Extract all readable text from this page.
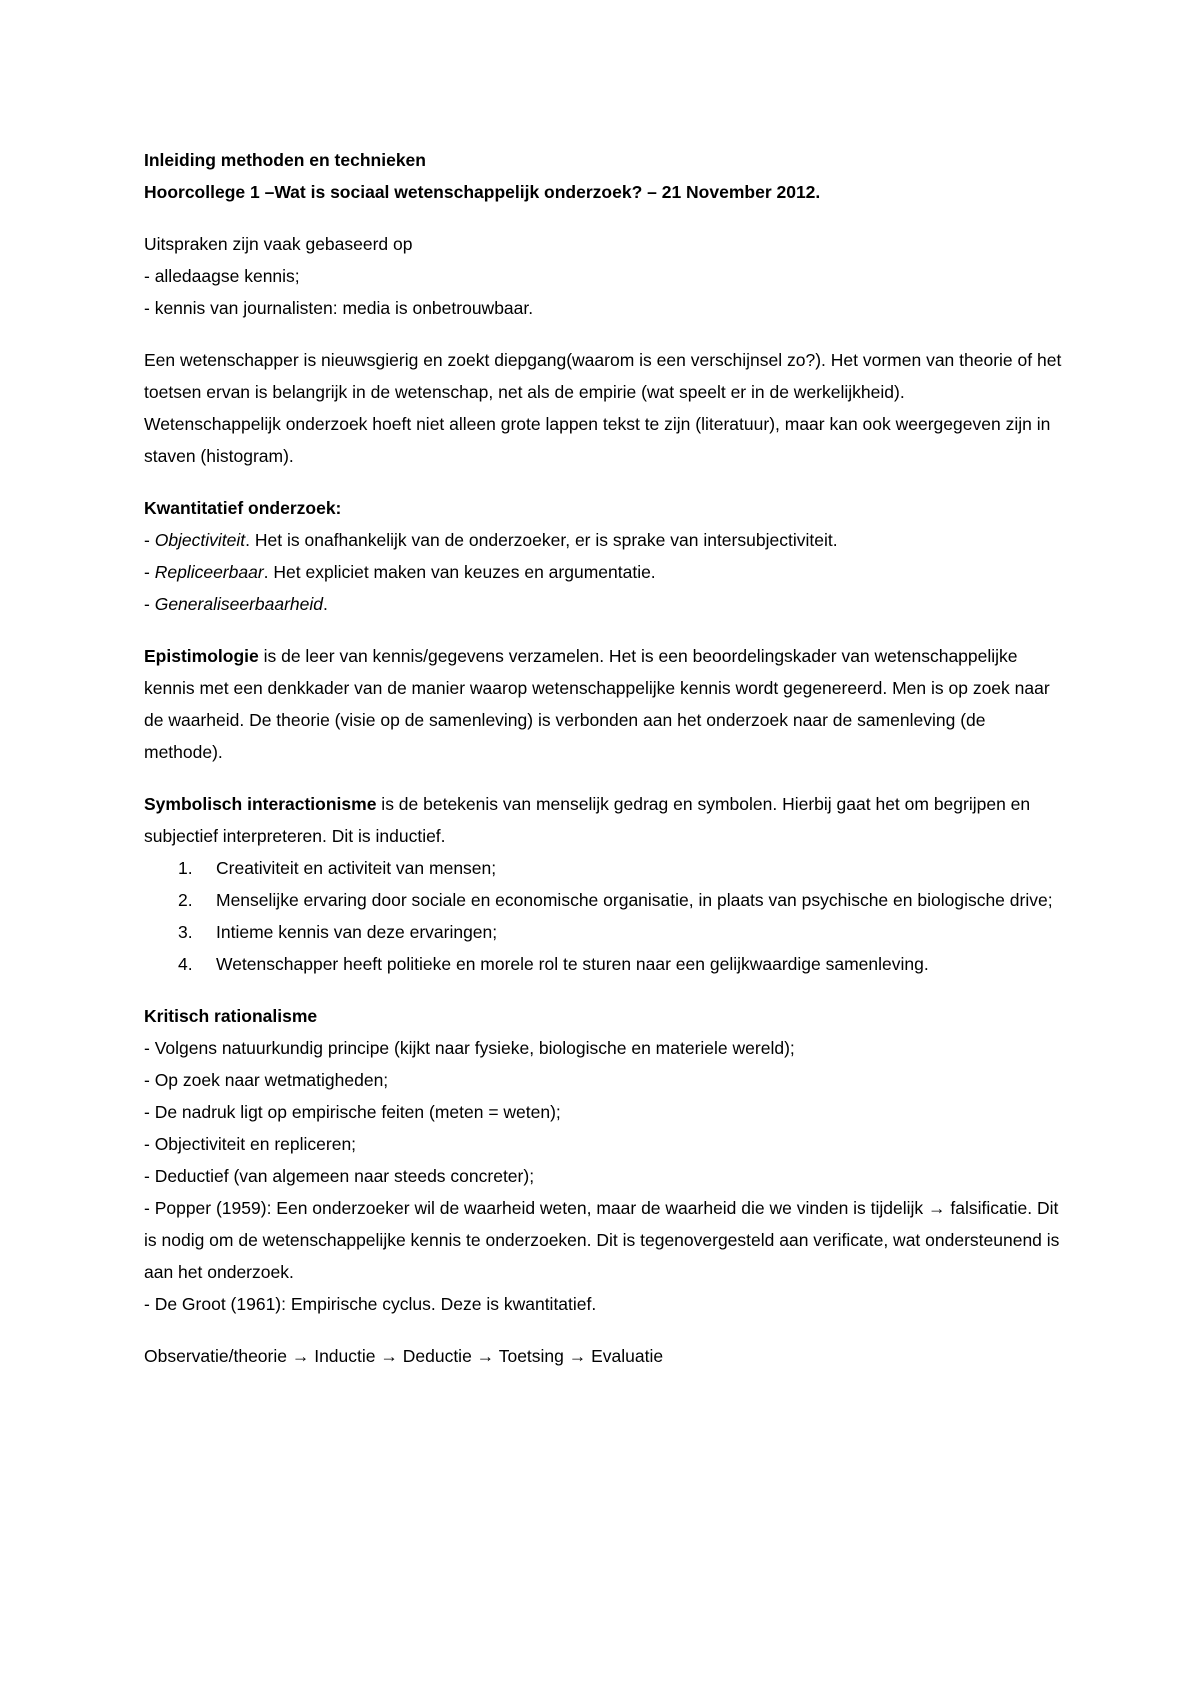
Inleiding methoden en technieken

Hoorcollege 1 –Wat is sociaal wetenschappelijk onderzoek? – 21 November 2012.

Uitspraken zijn vaak gebaseerd op

- alledaagse kennis;

- kennis van journalisten: media is onbetrouwbaar.

Een wetenschapper is nieuwsgierig en zoekt diepgang(waarom is een verschijnsel zo?). Het vormen van theorie of het toetsen ervan is belangrijk in de wetenschap, net als de empirie (wat speelt er in de werkelijkheid).

Wetenschappelijk onderzoek hoeft niet alleen grote lappen tekst te zijn (literatuur), maar kan ook weergegeven zijn in staven (histogram).

Kwantitatief onderzoek:

- Objectiviteit. Het is onafhankelijk van de onderzoeker, er is sprake van intersubjectiviteit.

- Repliceerbaar. Het expliciet maken van keuzes en argumentatie.

- Generaliseerbaarheid.

Epistimologie is de leer van kennis/gegevens verzamelen. Het is een beoordelingskader van wetenschappelijke kennis met een denkkader van de manier waarop wetenschappelijke kennis wordt gegenereerd. Men is op zoek naar de waarheid. De theorie (visie op de samenleving) is verbonden aan het onderzoek naar de samenleving (de methode).

Symbolisch interactionisme is de betekenis van menselijk gedrag en symbolen. Hierbij gaat het om begrijpen en subjectief interpreteren. Dit is inductief.

1. Creativiteit en activiteit van mensen;
2. Menselijke ervaring door sociale en economische organisatie, in plaats van psychische en biologische drive;
3. Intieme kennis van deze ervaringen;
4. Wetenschapper heeft politieke en morele rol te sturen naar een gelijkwaardige samenleving.

Kritisch rationalisme

- Volgens natuurkundig principe (kijkt naar fysieke, biologische en materiele wereld);

- Op zoek naar wetmatigheden;

- De nadruk ligt op empirische feiten (meten = weten);

- Objectiviteit en repliceren;

- Deductief (van algemeen naar steeds concreter);

- Popper (1959): Een onderzoeker wil de waarheid weten, maar de waarheid die we vinden is tijdelijk → falsificatie. Dit is nodig om de wetenschappelijke kennis te onderzoeken. Dit is tegenovergesteld aan verificate, wat ondersteunend is aan het onderzoek.

- De Groot (1961): Empirische cyclus. Deze is kwantitatief.

Observatie/theorie → Inductie → Deductie → Toetsing → Evaluatie
